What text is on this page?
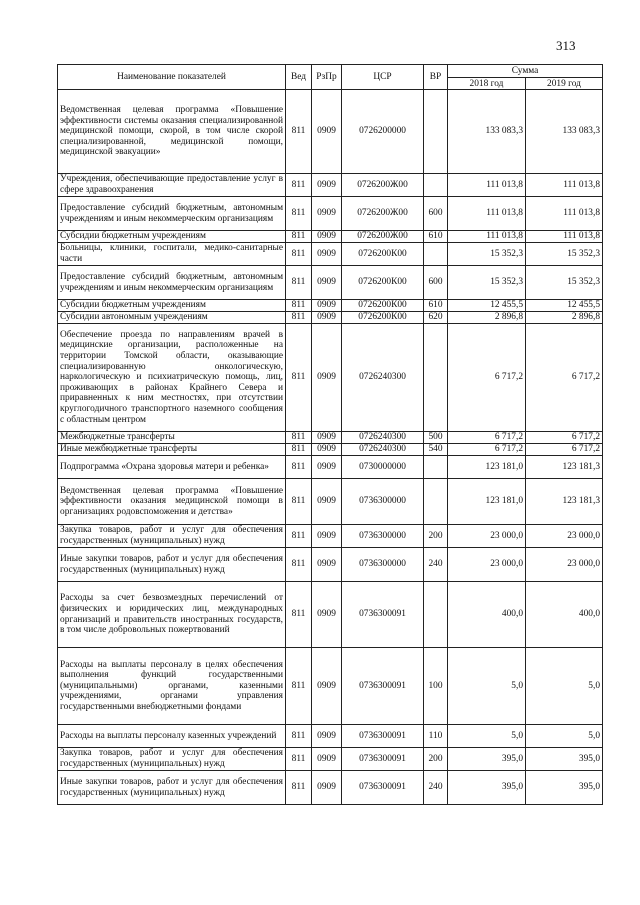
313
Наименование показателей	Вед	РзПр	ЦСР	ВР	Сумма	
					2018 год	2019 год
Ведомственная целевая программа «Повышение эффективности системы оказания специализированной медицинской помощи, скорой, в том числе скорой специализированной, медицинской помощи, медицинской эвакуации»	811	0909	0726200000		133 083,3	133 083,3
Учреждения, обеспечивающие предоставление услуг в сфере здравоохранения	811	0909	0726200Ж00		111 013,8	111 013,8
Предоставление субсидий бюджетным, автономным учреждениям и иным некоммерческим организациям	811	0909	0726200Ж00	600	111 013,8	111 013,8
Субсидии бюджетным учреждениям	811	0909	0726200Ж00	610	111 013,8	111 013,8
Больницы, клиники, госпитали, медико-санитарные части	811	0909	0726200К00		15 352,3	15 352,3
Предоставление субсидий бюджетным, автономным учреждениям и иным некоммерческим организациям	811	0909	0726200К00	600	15 352,3	15 352,3
Субсидии бюджетным учреждениям	811	0909	0726200К00	610	12 455,5	12 455,5
Субсидии автономным учреждениям	811	0909	0726200К00	620	2 896,8	2 896,8
Обеспечение проезда по направлениям врачей в медицинские организации, расположенные на территории Томской области, оказывающие специализированную онкологическую, наркологическую и психиатрическую помощь, лиц, проживающих в районах Крайнего Севера и приравненных к ним местностях, при отсутствии круглогодичного транспортного наземного сообщения с областным центром	811	0909	0726240300		6 717,2	6 717,2
Межбюджетные трансферты	811	0909	0726240300	500	6 717,2	6 717,2
Иные межбюджетные трансферты	811	0909	0726240300	540	6 717,2	6 717,2
Подпрограмма «Охрана здоровья матери и ребенка»	811	0909	0730000000		123 181,0	123 181,3
Ведомственная целевая программа «Повышение эффективности оказания медицинской помощи в организациях родовспоможения и детства»	811	0909	0736300000		123 181,0	123 181,3
Закупка товаров, работ и услуг для обеспечения государственных (муниципальных) нужд	811	0909	0736300000	200	23 000,0	23 000,0
Иные закупки товаров, работ и услуг для обеспечения государственных (муниципальных) нужд	811	0909	0736300000	240	23 000,0	23 000,0
Расходы за счет безвозмездных перечислений от физических и юридических лиц, международных организаций и правительств иностранных государств, в том числе добровольных пожертвований	811	0909	0736300091		400,0	400,0
Расходы на выплаты персоналу в целях обеспечения выполнения функций государственными (муниципальными) органами, казенными учреждениями, органами управления государственными внебюджетными фондами	811	0909	0736300091	100	5,0	5,0
Расходы на выплаты персоналу казенных учреждений	811	0909	0736300091	110	5,0	5,0
Закупка товаров, работ и услуг для обеспечения государственных (муниципальных) нужд	811	0909	0736300091	200	395,0	395,0
Иные закупки товаров, работ и услуг для обеспечения государственных (муниципальных) нужд	811	0909	0736300091	240	395,0	395,0
